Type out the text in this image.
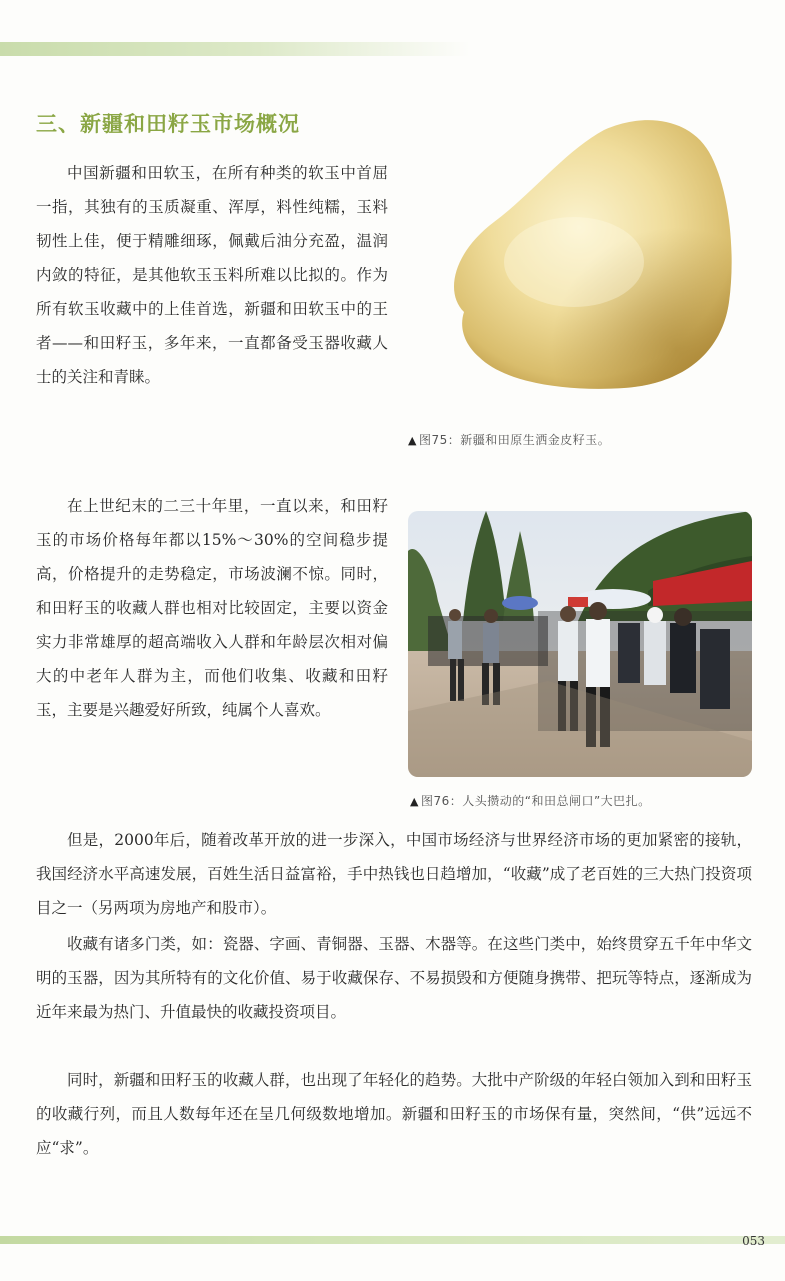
三、新疆和田籽玉市场概况

中国新疆和田软玉，在所有种类的软玉中首屈一指，其独有的玉质凝重、浑厚，料性纯糯，玉料韧性上佳，便于精雕细琢，佩戴后油分充盈，温润内敛的特征，是其他软玉玉料所难以比拟的。作为所有软玉收藏中的上佳首选，新疆和田软玉中的王者——和田籽玉，多年来，一直都备受玉器收藏人士的关注和青睐。

在上世纪末的二三十年里，一直以来，和田籽玉的市场价格每年都以15%～30%的空间稳步提高，价格提升的走势稳定，市场波澜不惊。同时，和田籽玉的收藏人群也相对比较固定，主要以资金实力非常雄厚的超高端收入人群和年龄层次相对偏大的中老年人群为主，而他们收集、收藏和田籽玉，主要是兴趣爱好所致，纯属个人喜欢。

但是，2000年后，随着改革开放的进一步深入，中国市场经济与世界经济市场的更加紧密的接轨，我国经济水平高速发展，百姓生活日益富裕，手中热钱也日趋增加，“收藏”成了老百姓的三大热门投资项目之一（另两项为房地产和股市）。

收藏有诸多门类，如：瓷器、字画、青铜器、玉器、木器等。在这些门类中，始终贯穿五千年中华文明的玉器，因为其所特有的文化价值、易于收藏保存、不易损毁和方便随身携带、把玩等特点，逐渐成为近年来最为热门、升值最快的收藏投资项目。

同时，新疆和田籽玉的收藏人群，也出现了年轻化的趋势。大批中产阶级的年轻白领加入到和田籽玉的收藏行列，而且人数每年还在呈几何级数地增加。新疆和田籽玉的市场保有量，突然间，“供”远远不应“求”。

▲ 图75：新疆和田原生洒金皮籽玉。
▲ 图76：人头攒动的“和田总闸口”大巴扎。
053
